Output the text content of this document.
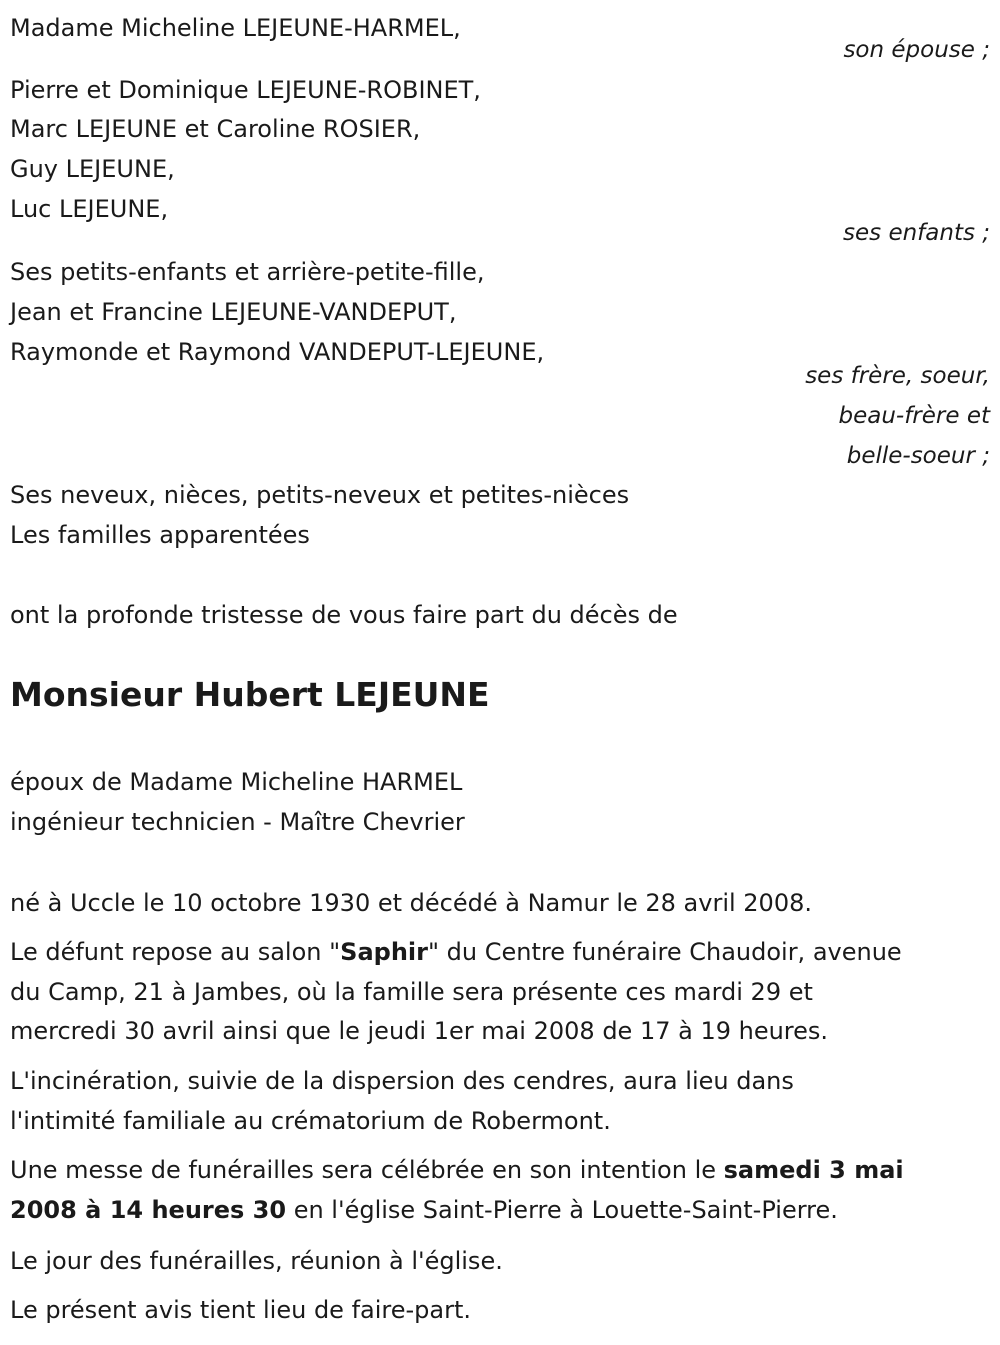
Madame Micheline LEJEUNE-HARMEL,
son épouse ;
Pierre et Dominique LEJEUNE-ROBINET,
Marc LEJEUNE et Caroline ROSIER,
Guy LEJEUNE,
Luc LEJEUNE,
ses enfants ;
Ses petits-enfants et arrière-petite-fille,
Jean et Francine LEJEUNE-VANDEPUT,
Raymonde et Raymond VANDEPUT-LEJEUNE,
ses frère, soeur,
beau-frère et
belle-soeur ;
Ses neveux, nièces, petits-neveux et petites-nièces
Les familles apparentées
ont la profonde tristesse de vous faire part du décès de
Monsieur Hubert LEJEUNE
époux de Madame Micheline HARMEL
ingénieur technicien - Maître Chevrier
né à Uccle le 10 octobre 1930 et décédé à Namur le 28 avril 2008.
Le défunt repose au salon "Saphir" du Centre funéraire Chaudoir, avenue
du Camp, 21 à Jambes, où la famille sera présente ces mardi 29 et
mercredi 30 avril ainsi que le jeudi 1er mai 2008 de 17 à 19 heures.
L'incinération, suivie de la dispersion des cendres, aura lieu dans
l'intimité familiale au crématorium de Robermont.
Une messe de funérailles sera célébrée en son intention le samedi 3 mai
2008 à 14 heures 30 en l'église Saint-Pierre à Louette-Saint-Pierre.
Le jour des funérailles, réunion à l'église.
Le présent avis tient lieu de faire-part.
